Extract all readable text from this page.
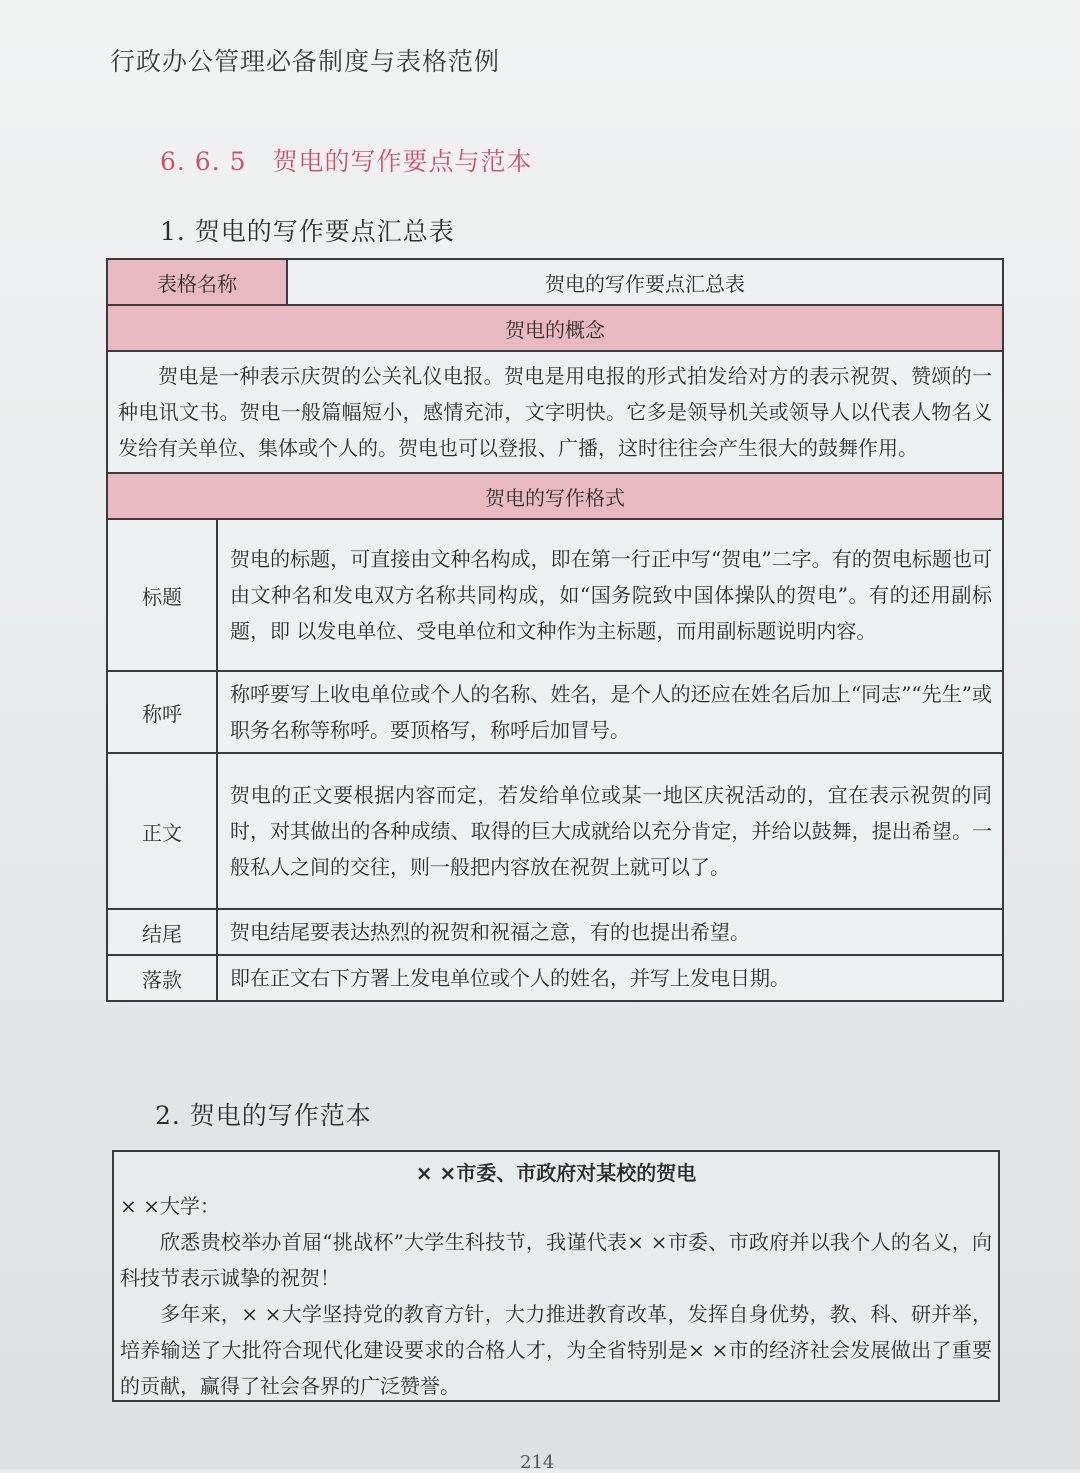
行政办公管理必备制度与表格范例
6. 6. 5 贺电的写作要点与范本
1. 贺电的写作要点汇总表
表格名称		贺电的写作要点汇总表
贺电的概念		
贺电是一种表示庆贺的公关礼仪电报。贺电是用电报的形式拍发给对方的表示祝贺、赞颂的一种电讯文书。贺电一般篇幅短小，感情充沛，文字明快。它多是领导机关或领导人以代表人物名义发给有关单位、集体或个人的。贺电也可以登报、广播，这时往往会产生很大的鼓舞作用。		
贺电的写作格式		
标题	贺电的标题，可直接由文种名构成，即在第一行正中写“贺电”二字。有的贺电标题也可由文种名和发电双方名称共同构成，如“国务院致中国体操队的贺电”。有的还用副标题，即 以发电单位、受电单位和文种作为主标题，而用副标题说明内容。	
称呼	称呼要写上收电单位或个人的名称、姓名，是个人的还应在姓名后加上“同志”“先生”或职务名称等称呼。要顶格写，称呼后加冒号。	
正文	贺电的正文要根据内容而定，若发给单位或某一地区庆祝活动的，宜在表示祝贺的同时，对其做出的各种成绩、取得的巨大成就给以充分肯定，并给以鼓舞，提出希望。一般私人之间的交往，则一般把内容放在祝贺上就可以了。	
结尾	贺电结尾要表达热烈的祝贺和祝福之意，有的也提出希望。	
落款	即在正文右下方署上发电单位或个人的姓名，并写上发电日期。	
2. 贺电的写作范本
× ×市委、市政府对某校的贺电
× ×大学：
欣悉贵校举办首届“挑战杯”大学生科技节，我谨代表× ×市委、市政府并以我个人的名义，向科技节表示诚挚的祝贺！
多年来，× ×大学坚持党的教育方针，大力推进教育改革，发挥自身优势，教、科、研并举，培养输送了大批符合现代化建设要求的合格人才，为全省特别是× ×市的经济社会发展做出了重要的贡献，赢得了社会各界的广泛赞誉。
214
